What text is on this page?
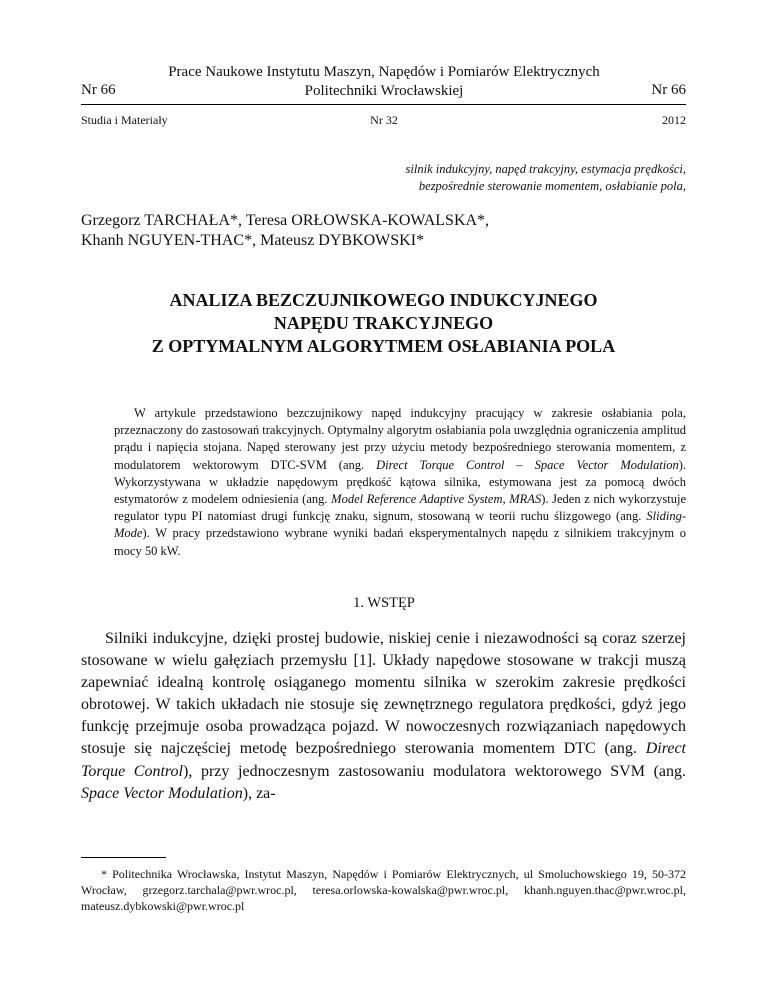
Prace Naukowe Instytutu Maszyn, Napędów i Pomiarów Elektrycznych
Politechniki Wrocławskiej
Nr 66	Nr 66
Studia i Materiały	Nr 32	2012
silnik indukcyjny, napęd trakcyjny, estymacja prędkości,
bezpośrednie sterowanie momentem, osłabianie pola,
Grzegorz TARCHAŁA*, Teresa ORŁOWSKA-KOWALSKA*,
Khanh NGUYEN-THAC*, Mateusz DYBKOWSKI*
ANALIZA BEZCZUJNIKOWEGO INDUKCYJNEGO
NAPĘDU TRAKCYJNEGO
Z OPTYMALNYM ALGORYTMEM OSŁABIANIA POLA
W artykule przedstawiono bezczujnikowy napęd indukcyjny pracujący w zakresie osłabiania pola, przeznaczony do zastosowań trakcyjnych. Optymalny algorytm osłabiania pola uwzględnia ograniczenia amplitud prądu i napięcia stojana. Napęd sterowany jest przy użyciu metody bezpośredniego sterowania momentem, z modulatorem wektorowym DTC-SVM (ang. Direct Torque Control – Space Vector Modulation). Wykorzystywana w układzie napędowym prędkość kątowa silnika, estymowana jest za pomocą dwóch estymatorów z modelem odniesienia (ang. Model Reference Adaptive System, MRAS). Jeden z nich wykorzystuje regulator typu PI natomiast drugi funkcję znaku, signum, stosowaną w teorii ruchu ślizgowego (ang. Sliding-Mode). W pracy przedstawiono wybrane wyniki badań eksperymentalnych napędu z silnikiem trakcyjnym o mocy 50 kW.
1. WSTĘP
Silniki indukcyjne, dzięki prostej budowie, niskiej cenie i niezawodności są coraz szerzej stosowane w wielu gałęziach przemysłu [1]. Układy napędowe stosowane w trakcji muszą zapewniać idealną kontrolę osiąganego momentu silnika w szerokim zakresie prędkości obrotowej. W takich układach nie stosuje się zewnętrznego regulatora prędkości, gdyż jego funkcję przejmuje osoba prowadząca pojazd. W nowoczesnych rozwiązaniach napędowych stosuje się najczęściej metodę bezpośredniego sterowania momentem DTC (ang. Direct Torque Control), przy jednoczesnym zastosowaniu modulatora wektorowego SVM (ang. Space Vector Modulation), za-
* Politechnika Wrocławska, Instytut Maszyn, Napędów i Pomiarów Elektrycznych, ul Smoluchowskiego 19, 50-372 Wrocław, grzegorz.tarchala@pwr.wroc.pl, teresa.orlowska-kowalska@pwr.wroc.pl, khanh.nguyen.thac@pwr.wroc.pl, mateusz.dybkowski@pwr.wroc.pl
